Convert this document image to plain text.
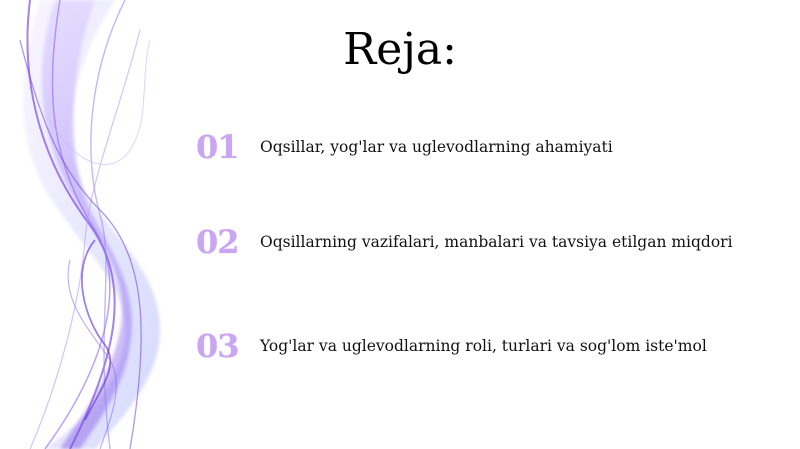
Reja:
01	Oqsillar, yog'lar va uglevodlarning ahamiyati
02	Oqsillarning vazifalari, manbalari va tavsiya etilgan miqdori
03	Yog'lar va uglevodlarning roli, turlari va sog'lom iste'mol
